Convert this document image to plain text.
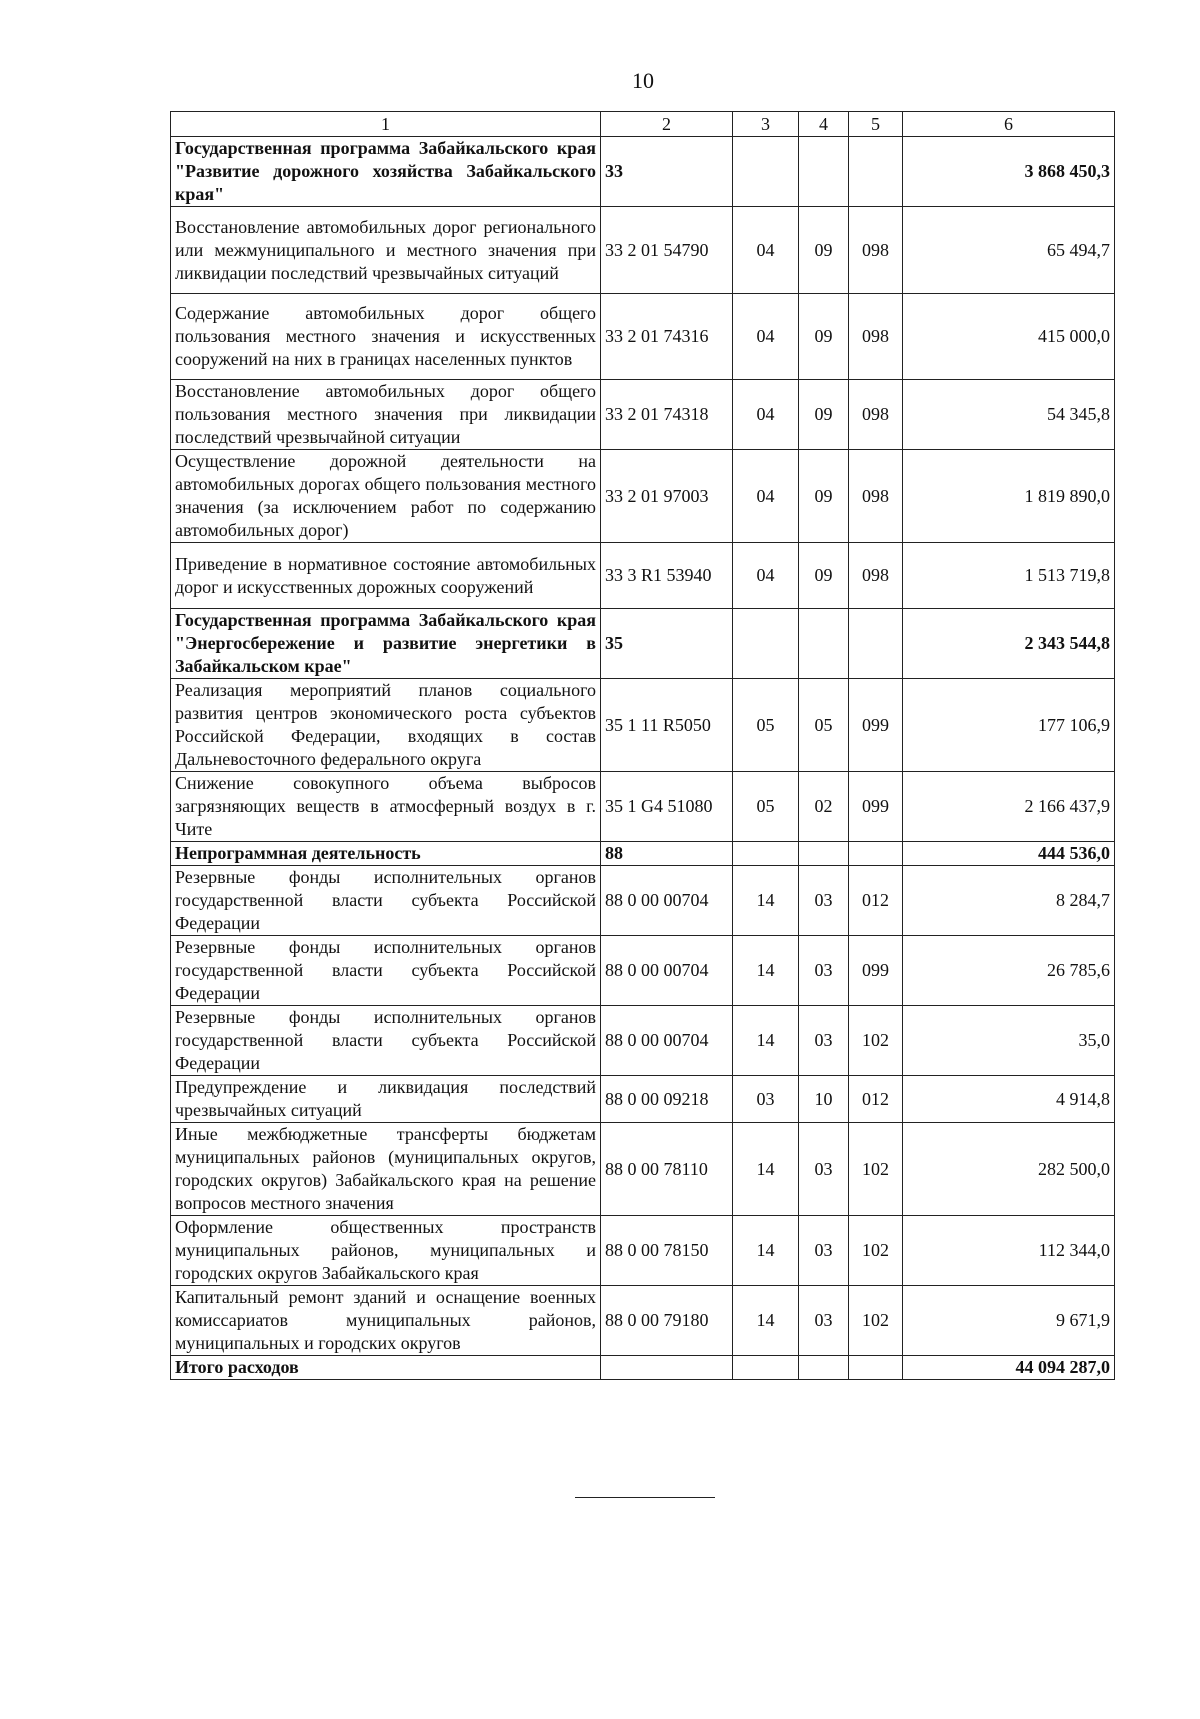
10
1	2	3	4	5	6
Государственная программа Забайкальского края "Развитие дорожного хозяйства Забайкальского края"	33				3 868 450,3
Восстановление автомобильных дорог регионального или межмуниципального и местного значения при ликвидации последствий чрезвычайных ситуаций	33 2 01 54790	04	09	098	65 494,7
Содержание автомобильных дорог общего пользования местного значения и искусственных сооружений на них в границах населенных пунктов	33 2 01 74316	04	09	098	415 000,0
Восстановление автомобильных дорог общего пользования местного значения при ликвидации последствий чрезвычайной ситуации	33 2 01 74318	04	09	098	54 345,8
Осуществление дорожной деятельности на автомобильных дорогах общего пользования местного значения (за исключением работ по содержанию автомобильных дорог)	33 2 01 97003	04	09	098	1 819 890,0
Приведение в нормативное состояние автомобильных дорог и искусственных дорожных сооружений	33 3 R1 53940	04	09	098	1 513 719,8
Государственная программа Забайкальского края "Энергосбережение и развитие энергетики в Забайкальском крае"	35				2 343 544,8
Реализация мероприятий планов социального развития центров экономического роста субъектов Российской Федерации, входящих в состав Дальневосточного федерального округа	35 1 11 R5050	05	05	099	177 106,9
Снижение совокупного объема выбросов загрязняющих веществ в атмосферный воздух в г. Чите	35 1 G4 51080	05	02	099	2 166 437,9
Непрограммная деятельность	88				444 536,0
Резервные фонды исполнительных органов государственной власти субъекта Российской Федерации	88 0 00 00704	14	03	012	8 284,7
Резервные фонды исполнительных органов государственной власти субъекта Российской Федерации	88 0 00 00704	14	03	099	26 785,6
Резервные фонды исполнительных органов государственной власти субъекта Российской Федерации	88 0 00 00704	14	03	102	35,0
Предупреждение и ликвидация последствий чрезвычайных ситуаций	88 0 00 09218	03	10	012	4 914,8
Иные межбюджетные трансферты бюджетам муниципальных районов (муниципальных округов, городских округов) Забайкальского края на решение вопросов местного значения	88 0 00 78110	14	03	102	282 500,0
Оформление общественных пространств муниципальных районов, муниципальных и городских округов Забайкальского края	88 0 00 78150	14	03	102	112 344,0
Капитальный ремонт зданий и оснащение военных комиссариатов муниципальных районов, муниципальных и городских округов	88 0 00 79180	14	03	102	9 671,9
Итого расходов					44 094 287,0
